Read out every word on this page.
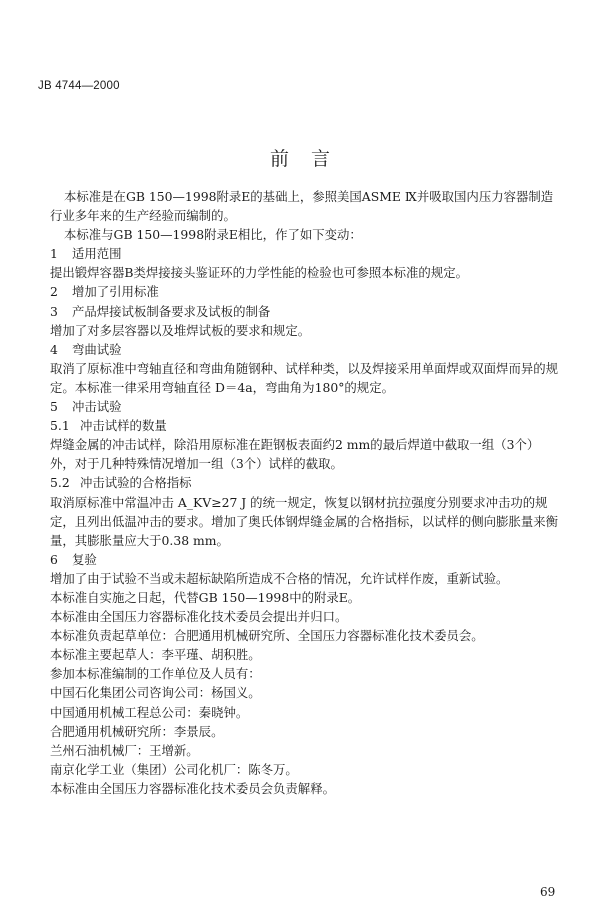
JB 4744—2000
前言

本标准是在GB 150—1998附录E的基础上，参照美国ASME Ⅸ并吸取国内压力容器制造行业多年来的生产经验而编制的。

本标准与GB 150—1998附录E相比，作了如下变动：

1 适用范围

提出锻焊容器B类焊接接头鉴证环的力学性能的检验也可参照本标准的规定。

2 增加了引用标准

3 产品焊接试板制备要求及试板的制备

增加了对多层容器以及堆焊试板的要求和规定。

4 弯曲试验

取消了原标准中弯轴直径和弯曲角随钢种、试样种类，以及焊接采用单面焊或双面焊而异的规定。本标准一律采用弯轴直径 D＝4a，弯曲角为180°的规定。

5 冲击试验

5.1 冲击试样的数量

焊缝金属的冲击试样，除沿用原标准在距钢板表面约2 mm的最后焊道中截取一组（3个）外，对于几种特殊情况增加一组（3个）试样的截取。

5.2 冲击试验的合格指标

取消原标准中常温冲击 A_KV≥27 J 的统一规定，恢复以钢材抗拉强度分别要求冲击功的规定，且列出低温冲击的要求。增加了奥氏体钢焊缝金属的合格指标，以试样的侧向膨胀量来衡量，其膨胀量应大于0.38 mm。

6 复验

增加了由于试验不当或未超标缺陷所造成不合格的情况，允许试样作废，重新试验。

本标准自实施之日起，代替GB 150—1998中的附录E。

本标准由全国压力容器标准化技术委员会提出并归口。

本标准负责起草单位：合肥通用机械研究所、全国压力容器标准化技术委员会。

本标准主要起草人：李平瑾、胡积胜。

参加本标准编制的工作单位及人员有：

中国石化集团公司咨询公司：杨国义。

中国通用机械工程总公司：秦晓钟。

合肥通用机械研究所：李景辰。

兰州石油机械厂：王增新。

南京化学工业（集团）公司化机厂：陈冬万。

本标准由全国压力容器标准化技术委员会负责解释。

69
